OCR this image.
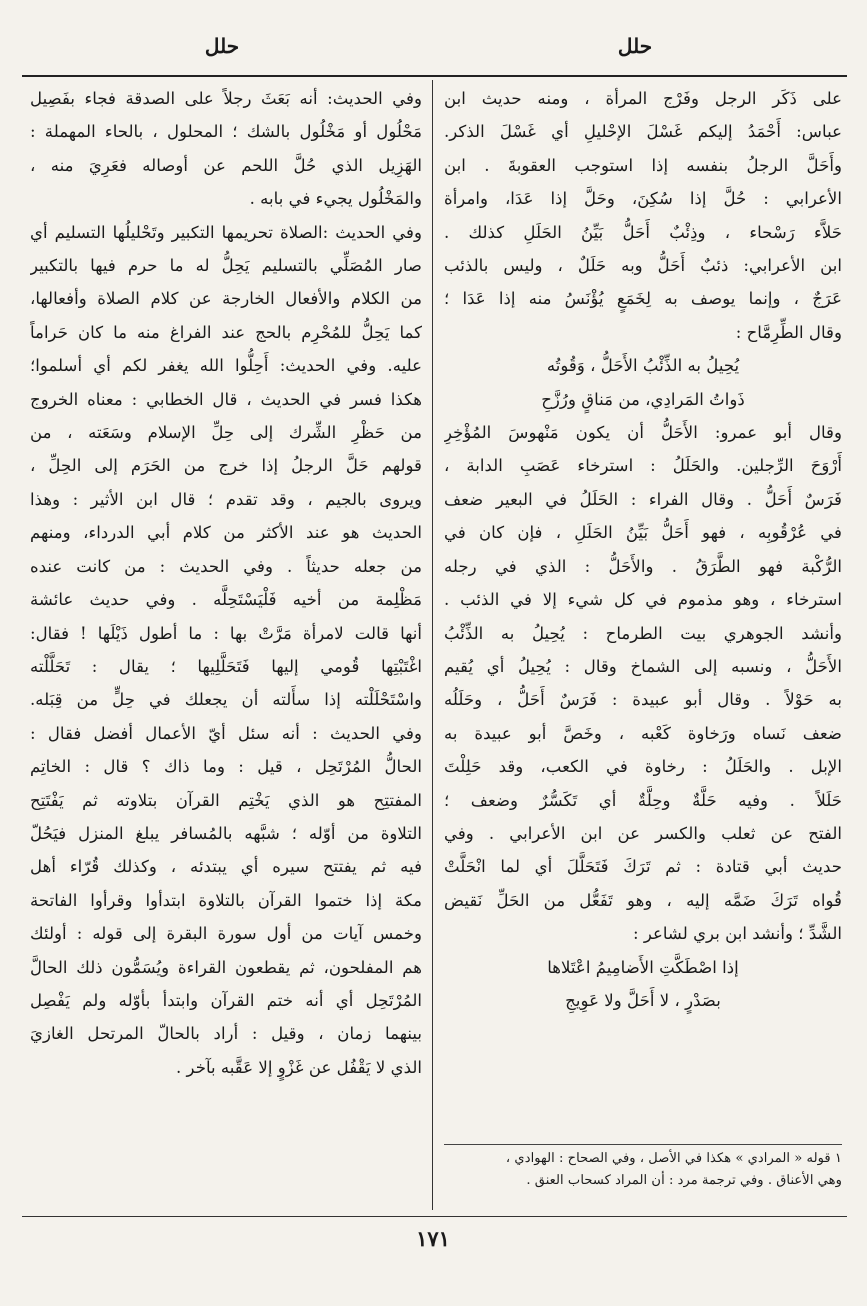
حلل
حلل

على ذَكَر الرجل وفَرْج المرأة ، ومنه حديث ابن

عباس: أَحْمَدُ إليكم غَسْلَ الإحْليلِ أي غَسْلَ الذكر.

وأَحَلَّ الرجلُ بنفسه إذا استوجب العقوبةَ . ابن

الأعرابي : حُلَّ إذا سُكِنَ، وحَلَّ إذا عَدَا، وامرأة

حَلاَّء رَسْحاء ، وذِئْبٌ أَحَلُّ بَيِّنُ الحَلَلِ كذلك .

ابن الأعرابي: ذئبٌ أَحَلُّ وبه حَلَلٌ ، وليس بالذئب

عَرَجٌ ، وإنما يوصف به لِخَمَعٍ يُؤْنَسُ منه إذا عَدَا ؛

وقال الطِّرِمَّاح :

يُحِيلُ به الذِّئْبُ الأَحَلُّ ، وَقُوتُه

ذَواتُ المَرادِي، من مَناقٍ ورُزَّحِ

وقال أبو عمرو: الأَحَلُّ أن يكون مَنْهوسَ المُؤْخِرِ

أَرْوَحَ الرِّجلين. والحَلَلُ : استرخاء عَصَبِ الدابة ،

فَرَسٌ أَحَلُّ . وقال الفراء : الحَلَلُ في البعير ضعف

في عُرْقُوبِه ، فهو أَحَلُّ بَيِّنُ الحَلَلِ ، فإن كان في

الرُّكْبة فهو الطَّرَقُ . والأَحَلُّ : الذي في رجله

استرخاء ، وهو مذموم في كل شيء إلا في الذئب .

وأنشد الجوهري بيت الطرماح : يُحِيلُ به الذِّئْبُ

الأَحَلُّ ، ونسبه إلى الشماخ وقال : يُحِيلُ أي يُقيم

به حَوْلاً . وقال أبو عبيدة : فَرَسٌ أَحَلُّ ، وحَلَلُه

ضعف نَساه ورَخاوة كَعْبه ، وخَصَّ أبو عبيدة به

الإبل . والحَلَلُ : رخاوة في الكعب، وقد حَلِلْتَ

حَلَلاً . وفيه حَلَّةٌ وحِلَّةٌ أي تَكَسُّرٌ وضعف ؛

الفتح عن ثعلب والكسر عن ابن الأعرابي . وفي

حديث أبي قتادة : ثم تَرَكَ فَتَحَلَّلَ أي لما انْحَلَّتْ

قُواه تَرَكَ ضَمَّه إليه ، وهو تَفَعُّل من الحَلِّ نَقيض

الشَّدِّ ؛ وأنشد ابن بري لشاعر :

إذا اصْطَكَّتِ الأَضامِيمُ اعْتَلاها

بصَدْرٍ ، لا أَحَلَّ ولا عَوِيجِ

وفي الحديث: أنه بَعَثَ رجلاً على الصدقة فجاء بفَصِيل

مَحْلُول أو مَخْلُول بالشك ؛ المحلول ، بالحاء المهملة :

الهَزِيل الذي حُلَّ اللحم عن أوصاله فعَرِيَ منه ،

والمَخْلُول يجيء في بابه .

وفي الحديث :الصلاة تحريمها التكبير وتَحْليلُها التسليم أي

صار المُصَلِّي بالتسليم يَحِلُّ له ما حرم فيها بالتكبير

من الكلام والأفعال الخارجة عن كلام الصلاة وأفعالها،

كما يَحِلُّ للمُحْرِم بالحج عند الفراغ منه ما كان حَراماً

عليه. وفي الحديث: أَحِلُّوا الله يغفر لكم أي أسلموا؛

هكذا فسر في الحديث ، قال الخطابي : معناه الخروج

من حَظْرِ الشِّرك إلى حِلِّ الإسلام وسَعَته ، من

قولهم حَلَّ الرجلُ إذا خرج من الحَرَم إلى الحِلِّ ،

ويروى بالجيم ، وقد تقدم ؛ قال ابن الأثير : وهذا

الحديث هو عند الأكثر من كلام أبي الدرداء، ومنهم

من جعله حديثاً . وفي الحديث : من كانت عنده

مَظْلِمة من أخيه فَلْيَسْتَحِلَّه . وفي حديث عائشة

أنها قالت لامرأة مَرَّتْ بها : ما أطول ذَيْلَها ! فقال:

اغْتَبْتِها قُومي إليها فَتَحَلَّلِيها ؛ يقال : تَحَلَّلْته

واسْتَحْلَلْته إذا سأَلته أن يجعلك في حِلٍّ من قِبَله.

وفي الحديث : أنه سئل أيّ الأعمال أفضل فقال :

الحالُّ المُرْتَحِل ، قيل : وما ذاك ؟ قال : الخاتِم

المفتتِح هو الذي يَخْتِم القرآن بتلاوته ثم يَفْتَتِح

التلاوة من أوّله ؛ شبَّهه بالمُسافر يبلغ المنزل فيَحُلّ

فيه ثم يفتتح سيره أي يبتدئه ، وكذلك قُرّاء أهل

مكة إذا ختموا القرآن بالتلاوة ابتدأوا وقرأوا الفاتحة

وخمس آيات من أول سورة البقرة إلى قوله : أولئك

هم المفلحون، ثم يقطعون القراءة ويُسَمُّون ذلك الحالَّ

المُرْتَحِل أي أنه ختم القرآن وابتدأ بأوّله ولم يَفْصِل

بينهما زمان ، وقيل : أراد بالحالّ المرتحل الغازيَ

الذي لا يَقْفُل عن غَزْوٍ إلا عَقَّبه بآخر .

١ قوله « المرادي » هكذا في الأصل ، وفي الصحاح : الهوادي ،

وهي الأعناق . وفي ترجمة مرد : أن المراد كسحاب العنق .

١٧١
